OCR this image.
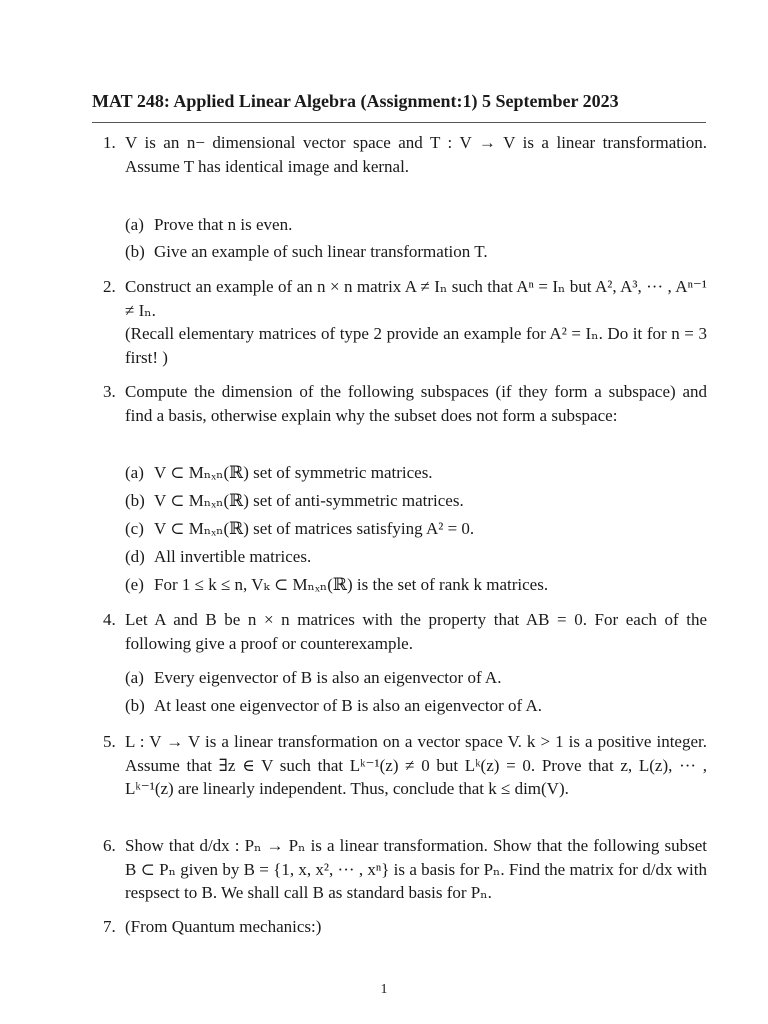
MAT 248: Applied Linear Algebra (Assignment:1) 5 September 2023
1. V is an n− dimensional vector space and T : V → V is a linear transformation. Assume T has identical image and kernal.
(a) Prove that n is even.
(b) Give an example of such linear transformation T.
2. Construct an example of an n × n matrix A ≠ Iₙ such that Aⁿ = Iₙ but A², A³, ··· , Aⁿ⁻¹ ≠ Iₙ.
(Recall elementary matrices of type 2 provide an example for A² = Iₙ. Do it for n = 3 first! )
3. Compute the dimension of the following subspaces (if they form a subspace) and find a basis, otherwise explain why the subset does not form a subspace:
(a) V ⊂ Mₙₓₙ(ℝ) set of symmetric matrices.
(b) V ⊂ Mₙₓₙ(ℝ) set of anti-symmetric matrices.
(c) V ⊂ Mₙₓₙ(ℝ) set of matrices satisfying A² = 0.
(d) All invertible matrices.
(e) For 1 ≤ k ≤ n, Vₖ ⊂ Mₙₓₙ(ℝ) is the set of rank k matrices.
4. Let A and B be n × n matrices with the property that AB = 0. For each of the following give a proof or counterexample.
(a) Every eigenvector of B is also an eigenvector of A.
(b) At least one eigenvector of B is also an eigenvector of A.
5. L : V → V is a linear transformation on a vector space V. k > 1 is a positive integer. Assume that ∃z ∈ V such that Lᵏ⁻¹(z) ≠ 0 but Lᵏ(z) = 0. Prove that z, L(z), ··· , Lᵏ⁻¹(z) are linearly independent. Thus, conclude that k ≤ dim(V).
6. Show that d/dx : Pₙ → Pₙ is a linear transformation. Show that the following subset B ⊂ Pₙ given by B = {1, x, x², ··· , xⁿ} is a basis for Pₙ. Find the matrix for d/dx with respsect to B. We shall call B as standard basis for Pₙ.
7. (From Quantum mechanics:)
1
